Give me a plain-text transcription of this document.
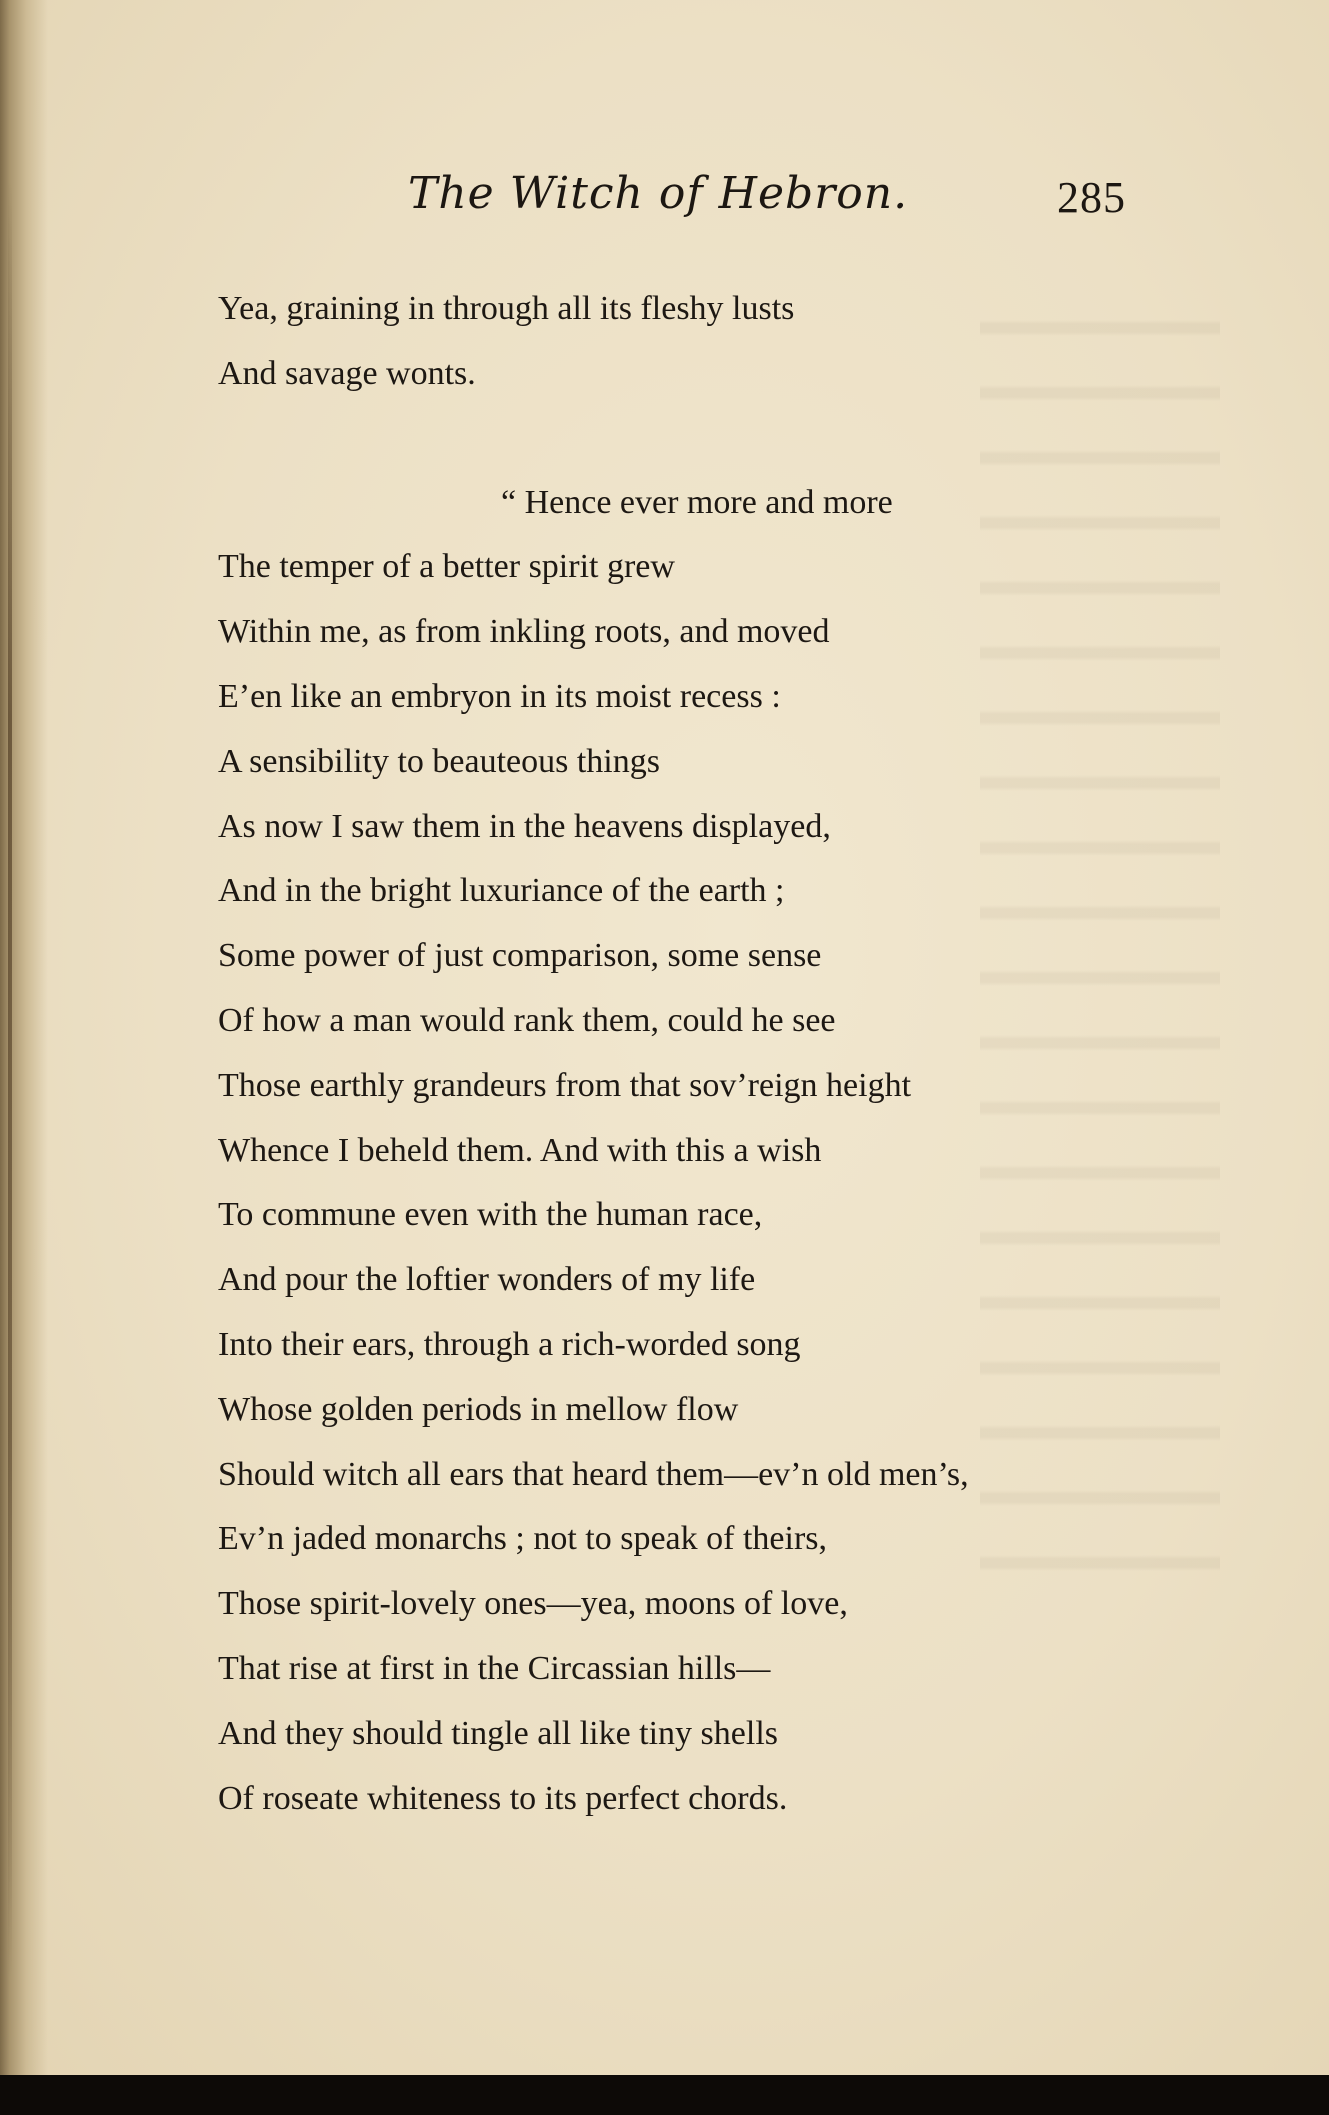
The Witch of Hebron.	285
Yea, graining in through all its fleshy lusts
And savage wonts.
“ Hence ever more and more
The temper of a better spirit grew
Within me, as from inkling roots, and moved
E’en like an embryon in its moist recess :
A sensibility to beauteous things
As now I saw them in the heavens displayed,
And in the bright luxuriance of the earth ;
Some power of just comparison, some sense
Of how a man would rank them, could he see
Those earthly grandeurs from that sov’reign height
Whence I beheld them. And with this a wish
To commune even with the human race,
And pour the loftier wonders of my life
Into their ears, through a rich-worded song
Whose golden periods in mellow flow
Should witch all ears that heard them—ev’n old men’s,
Ev’n jaded monarchs ; not to speak of theirs,
Those spirit-lovely ones—yea, moons of love,
That rise at first in the Circassian hills—
And they should tingle all like tiny shells
Of roseate whiteness to its perfect chords.
